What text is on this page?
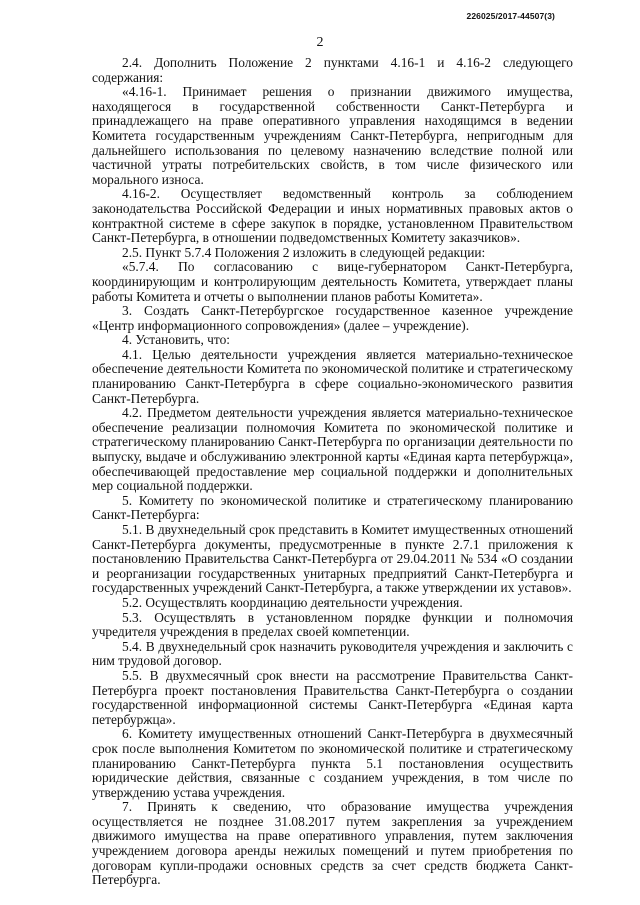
226025/2017-44507(3)
2

2.4. Дополнить Положение 2 пунктами 4.16-1 и 4.16-2 следующего содержания:

«4.16-1. Принимает решения о признании движимого имущества, находящегося в государственной собственности Санкт-Петербурга и принадлежащего на праве оперативного управления находящимся в ведении Комитета государственным учреждениям Санкт-Петербурга, непригодным для дальнейшего использования по целевому назначению вследствие полной или частичной утраты потребительских свойств, в том числе физического или морального износа.

4.16-2. Осуществляет ведомственный контроль за соблюдением законодательства Российской Федерации и иных нормативных правовых актов о контрактной системе в сфере закупок в порядке, установленном Правительством Санкт-Петербурга, в отношении подведомственных Комитету заказчиков».

2.5. Пункт 5.7.4 Положения 2 изложить в следующей редакции:

«5.7.4. По согласованию с вице-губернатором Санкт-Петербурга, координирующим и контролирующим деятельность Комитета, утверждает планы работы Комитета и отчеты о выполнении планов работы Комитета».

3. Создать Санкт-Петербургское государственное казенное учреждение «Центр информационного сопровождения» (далее – учреждение).

4. Установить, что:

4.1. Целью деятельности учреждения является материально-техническое обеспечение деятельности Комитета по экономической политике и стратегическому планированию Санкт-Петербурга в сфере социально-экономического развития Санкт-Петербурга.

4.2. Предметом деятельности учреждения является материально-техническое обеспечение реализации полномочия Комитета по экономической политике и стратегическому планированию Санкт-Петербурга по организации деятельности по выпуску, выдаче и обслуживанию электронной карты «Единая карта петербуржца», обеспечивающей предоставление мер социальной поддержки и дополнительных мер социальной поддержки.

5. Комитету по экономической политике и стратегическому планированию Санкт-Петербурга:

5.1. В двухнедельный срок представить в Комитет имущественных отношений Санкт-Петербурга документы, предусмотренные в пункте 2.7.1 приложения к постановлению Правительства Санкт-Петербурга от 29.04.2011 № 534 «О создании и реорганизации государственных унитарных предприятий Санкт-Петербурга и государственных учреждений Санкт-Петербурга, а также утверждении их уставов».

5.2. Осуществлять координацию деятельности учреждения.

5.3. Осуществлять в установленном порядке функции и полномочия учредителя учреждения в пределах своей компетенции.

5.4. В двухнедельный срок назначить руководителя учреждения и заключить с ним трудовой договор.

5.5. В двухмесячный срок внести на рассмотрение Правительства Санкт-Петербурга проект постановления Правительства Санкт-Петербурга о создании государственной информационной системы Санкт-Петербурга «Единая карта петербуржца».

6. Комитету имущественных отношений Санкт-Петербурга в двухмесячный срок после выполнения Комитетом по экономической политике и стратегическому планированию Санкт-Петербурга пункта 5.1 постановления осуществить юридические действия, связанные с созданием учреждения, в том числе по утверждению устава учреждения.

7. Принять к сведению, что образование имущества учреждения осуществляется не позднее 31.08.2017 путем закрепления за учреждением движимого имущества на праве оперативного управления, путем заключения учреждением договора аренды нежилых помещений и путем приобретения по договорам купли-продажи основных средств за счет средств бюджета Санкт-Петербурга.
